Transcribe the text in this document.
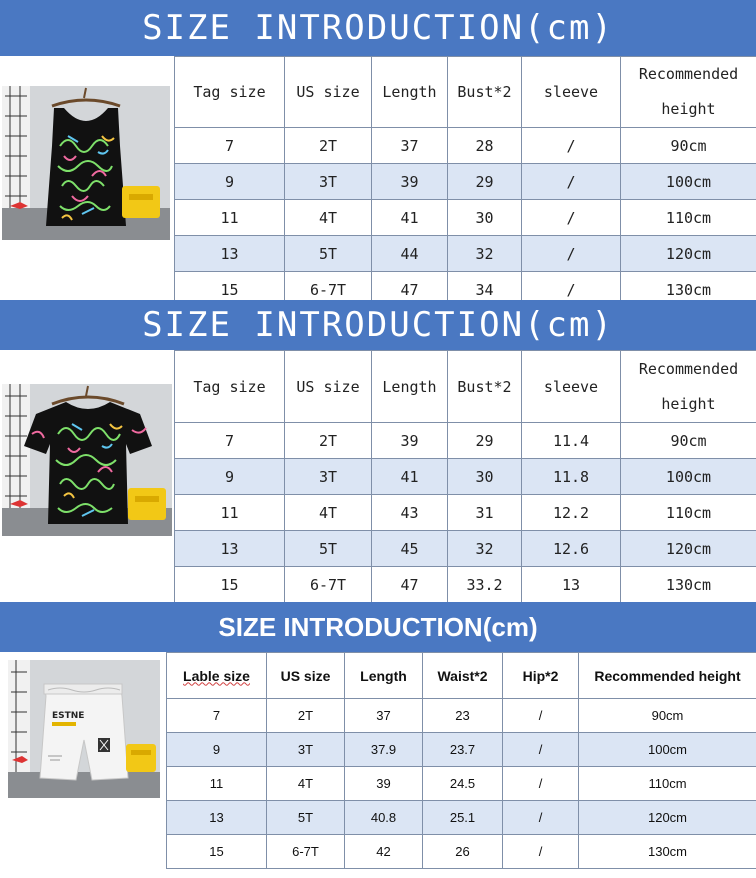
SIZE INTRODUCTION(cm)
Tag size	US size	Length	Bust*2	sleeve	Recommended height
7	2T	37	28	/	90cm
9	3T	39	29	/	100cm
11	4T	41	30	/	110cm
13	5T	44	32	/	120cm
15	6-7T	47	34	/	130cm
SIZE INTRODUCTION(cm)
Tag size	US size	Length	Bust*2	sleeve	Recommended height
7	2T	39	29	11.4	90cm
9	3T	41	30	11.8	100cm
11	4T	43	31	12.2	110cm
13	5T	45	32	12.6	120cm
15	6-7T	47	33.2	13	130cm
SIZE INTRODUCTION(cm)
ESTNE
Lable size	US size	Length	Waist*2	Hip*2	Recommended height
7	2T	37	23	/	90cm
9	3T	37.9	23.7	/	100cm
11	4T	39	24.5	/	110cm
13	5T	40.8	25.1	/	120cm
15	6-7T	42	26	/	130cm
